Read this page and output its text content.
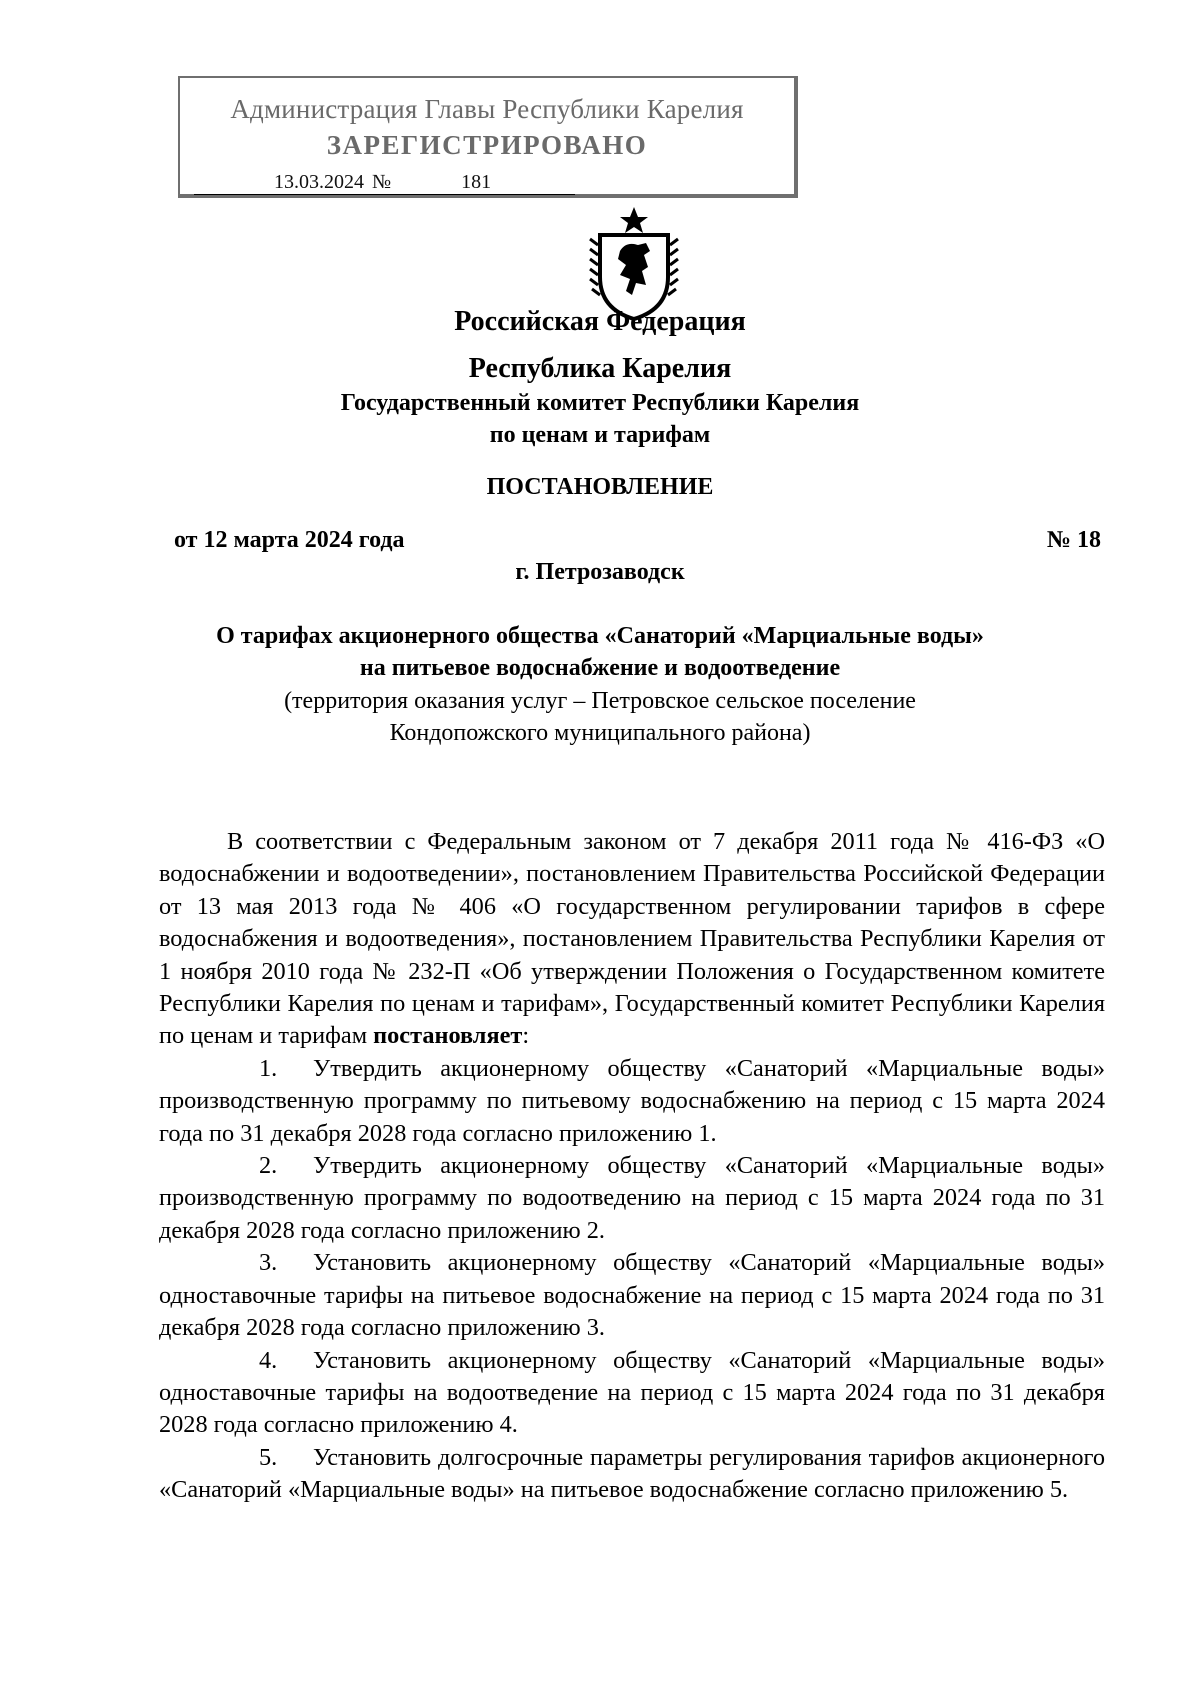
Администрация Главы Республики Карелия
ЗАРЕГИСТРИРОВАНО
13.03.2024 №	181
Российская Федерация
Республика Карелия
Государственный комитет Республики Карелия
по ценам и тарифам
ПОСТАНОВЛЕНИЕ
от 12 марта 2024 года	№ 18
г. Петрозаводск
О тарифах акционерного общества «Санаторий «Марциальные воды»
на питьевое водоснабжение и водоотведение
(территория оказания услуг – Петровское сельское поселение
Кондопожского муниципального района)

В соответствии с Федеральным законом от 7 декабря 2011 года № 416-ФЗ «О водоснабжении и водоотведении», постановлением Правительства Российской Федерации от 13 мая 2013 года № 406 «О государственном регулировании тарифов в сфере водоснабжения и водоотведения», постановлением Правительства Республики Карелия от 1 ноября 2010 года № 232-П «Об утверждении Положения о Государственном комитете Республики Карелия по ценам и тарифам», Государственный комитет Республики Карелия по ценам и тарифам постановляет:

1. Утвердить акционерному обществу «Санаторий «Марциальные воды» производственную программу по питьевому водоснабжению на период с 15 марта 2024 года по 31 декабря 2028 года согласно приложению 1.

2. Утвердить акционерному обществу «Санаторий «Марциальные воды» производственную программу по водоотведению на период с 15 марта 2024 года по 31 декабря 2028 года согласно приложению 2.

3. Установить акционерному обществу «Санаторий «Марциальные воды» одноставочные тарифы на питьевое водоснабжение на период с 15 марта 2024 года по 31 декабря 2028 года согласно приложению 3.

4. Установить акционерному обществу «Санаторий «Марциальные воды» одноставочные тарифы на водоотведение на период с 15 марта 2024 года по 31 декабря 2028 года согласно приложению 4.

5. Установить долгосрочные параметры регулирования тарифов акционерного «Санаторий «Марциальные воды» на питьевое водоснабжение согласно приложению 5.
